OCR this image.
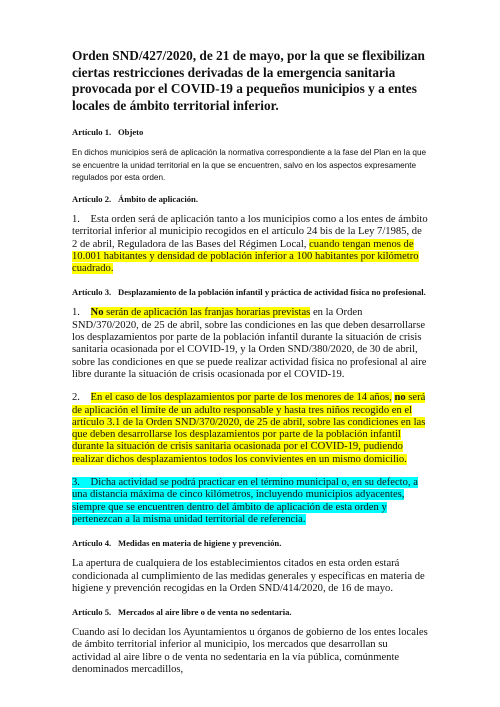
Orden SND/427/2020, de 21 de mayo, por la que se flexibilizan ciertas restricciones derivadas de la emergencia sanitaria provocada por el COVID-19 a pequeños municipios y a entes locales de ámbito territorial inferior.
Artículo 1. Objeto

En dichos municipios será de aplicación la normativa correspondiente a la fase del Plan en la que se encuentre la unidad territorial en la que se encuentren, salvo en los aspectos expresamente regulados por esta orden.

Artículo 2. Ámbito de aplicación.

1.    Esta orden será de aplicación tanto a los municipios como a los entes de ámbito territorial inferior al municipio recogidos en el artículo 24 bis de la Ley 7/1985, de 2 de abril, Reguladora de las Bases del Régimen Local, cuando tengan menos de 10.001 habitantes y densidad de población inferior a 100 habitantes por kilómetro cuadrado.

Artículo 3. Desplazamiento de la población infantil y práctica de actividad física no profesional.

1.    No serán de aplicación las franjas horarias previstas en la Orden SND/370/2020, de 25 de abril, sobre las condiciones en las que deben desarrollarse los desplazamientos por parte de la población infantil durante la situación de crisis sanitaria ocasionada por el COVID-19, y la Orden SND/380/2020, de 30 de abril, sobre las condiciones en que se puede realizar actividad física no profesional al aire libre durante la situación de crisis ocasionada por el COVID-19.

2.    En el caso de los desplazamientos por parte de los menores de 14 años, no será de aplicación el límite de un adulto responsable y hasta tres niños recogido en el artículo 3.1 de la Orden SND/370/2020, de 25 de abril, sobre las condiciones en las que deben desarrollarse los desplazamientos por parte de la población infantil durante la situación de crisis sanitaria ocasionada por el COVID-19, pudiendo realizar dichos desplazamientos todos los convivientes en un mismo domicilio.

3.    Dicha actividad se podrá practicar en el término municipal o, en su defecto, a una distancia máxima de cinco kilómetros, incluyendo municipios adyacentes, siempre que se encuentren dentro del ámbito de aplicación de esta orden y pertenezcan a la misma unidad territorial de referencia.

Artículo 4. Medidas en materia de higiene y prevención.

La apertura de cualquiera de los establecimientos citados en esta orden estará condicionada al cumplimiento de las medidas generales y específicas en materia de higiene y prevención recogidas en la Orden SND/414/2020, de 16 de mayo.

Artículo 5. Mercados al aire libre o de venta no sedentaria.

Cuando así lo decidan los Ayuntamientos u órganos de gobierno de los entes locales de ámbito territorial inferior al municipio, los mercados que desarrollan su actividad al aire libre o de venta no sedentaria en la vía pública, comúnmente denominados mercadillos,
